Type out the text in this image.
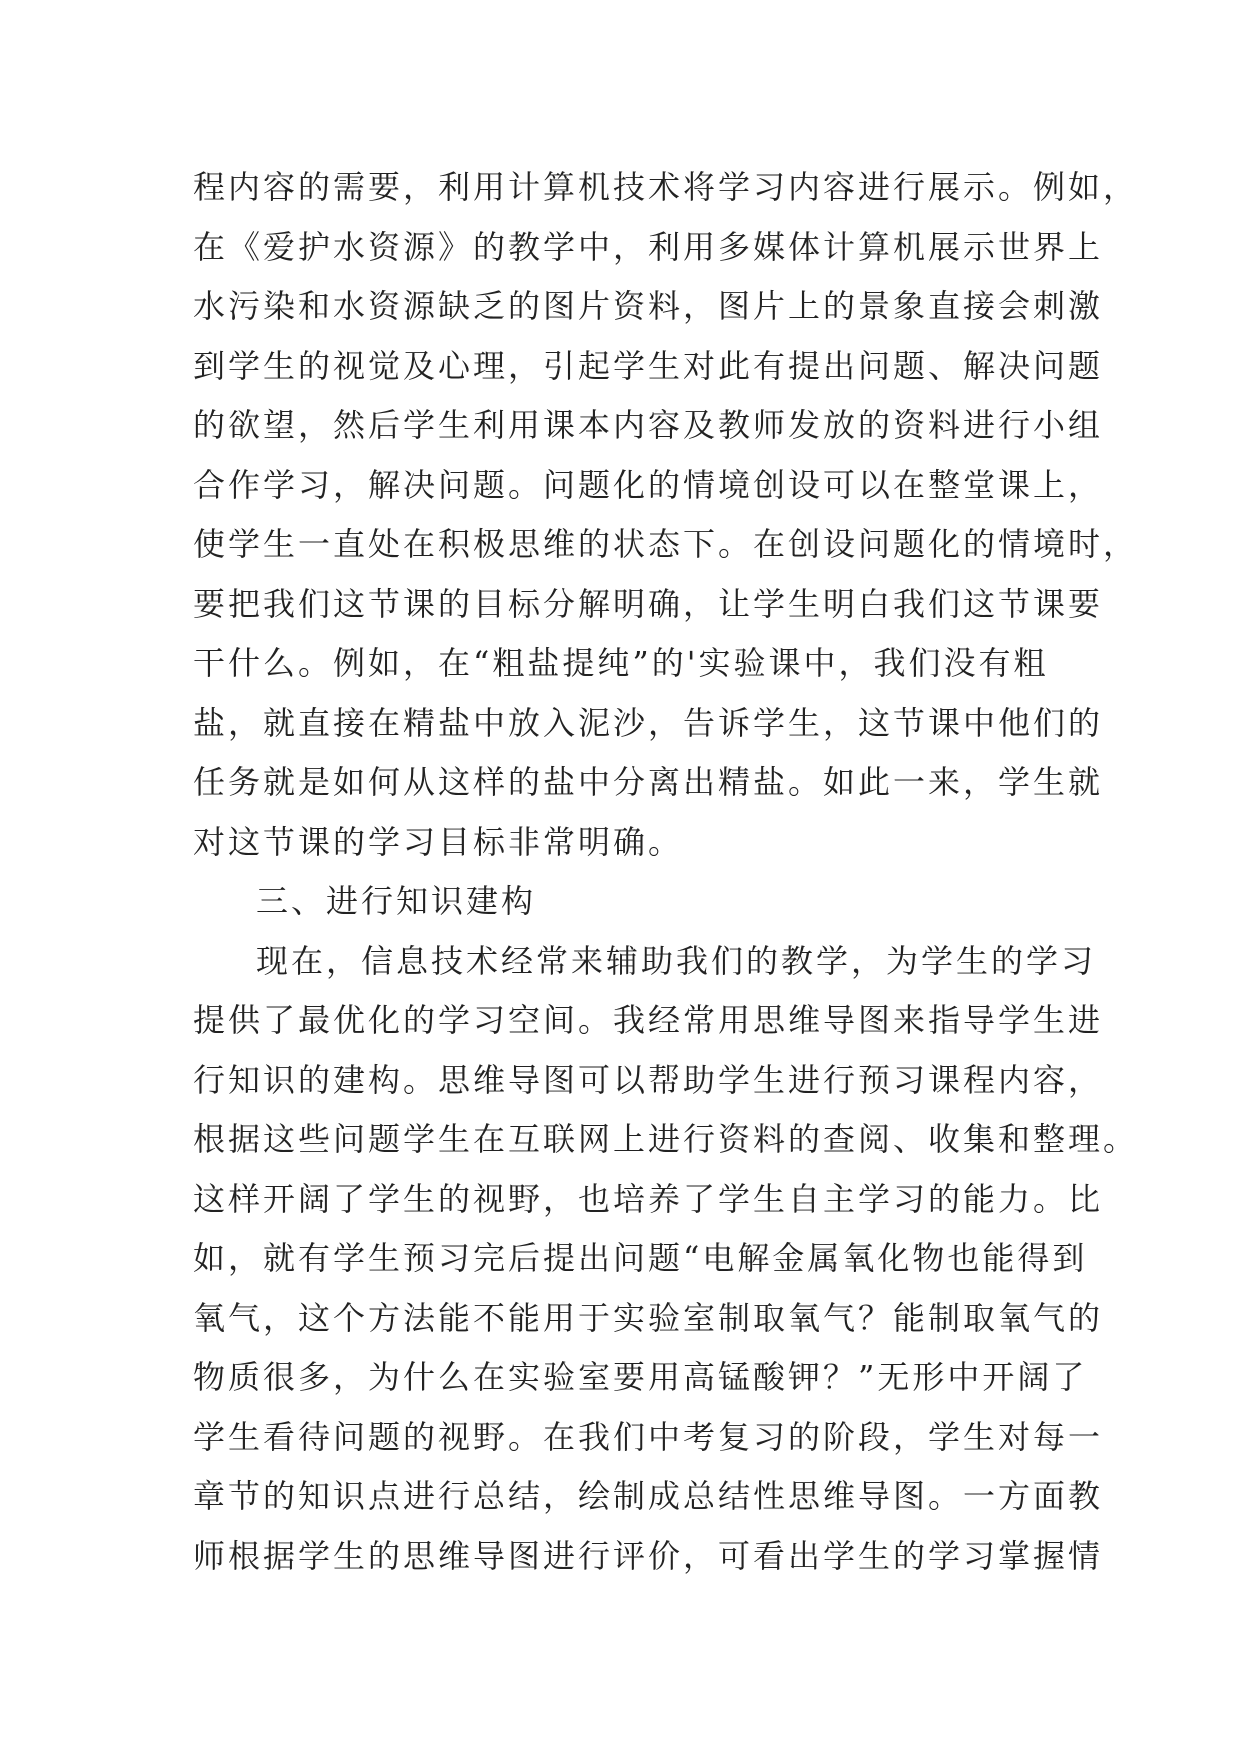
程内容的需要，利用计算机技术将学习内容进行展示。例如，
在《爱护水资源》的教学中，利用多媒体计算机展示世界上
水污染和水资源缺乏的图片资料，图片上的景象直接会刺激
到学生的视觉及心理，引起学生对此有提出问题、解决问题
的欲望，然后学生利用课本内容及教师发放的资料进行小组
合作学习，解决问题。问题化的情境创设可以在整堂课上，
使学生一直处在积极思维的状态下。在创设问题化的情境时，
要把我们这节课的目标分解明确，让学生明白我们这节课要
干什么。例如，在“粗盐提纯”的'实验课中，我们没有粗
盐，就直接在精盐中放入泥沙，告诉学生，这节课中他们的
任务就是如何从这样的盐中分离出精盐。如此一来，学生就
对这节课的学习目标非常明确。
三、进行知识建构
现在，信息技术经常来辅助我们的教学，为学生的学习
提供了最优化的学习空间。我经常用思维导图来指导学生进
行知识的建构。思维导图可以帮助学生进行预习课程内容，
根据这些问题学生在互联网上进行资料的查阅、收集和整理。
这样开阔了学生的视野，也培养了学生自主学习的能力。比
如，就有学生预习完后提出问题“电解金属氧化物也能得到
氧气，这个方法能不能用于实验室制取氧气？能制取氧气的
物质很多，为什么在实验室要用高锰酸钾？”无形中开阔了
学生看待问题的视野。在我们中考复习的阶段，学生对每一
章节的知识点进行总结，绘制成总结性思维导图。一方面教
师根据学生的思维导图进行评价，可看出学生的学习掌握情
